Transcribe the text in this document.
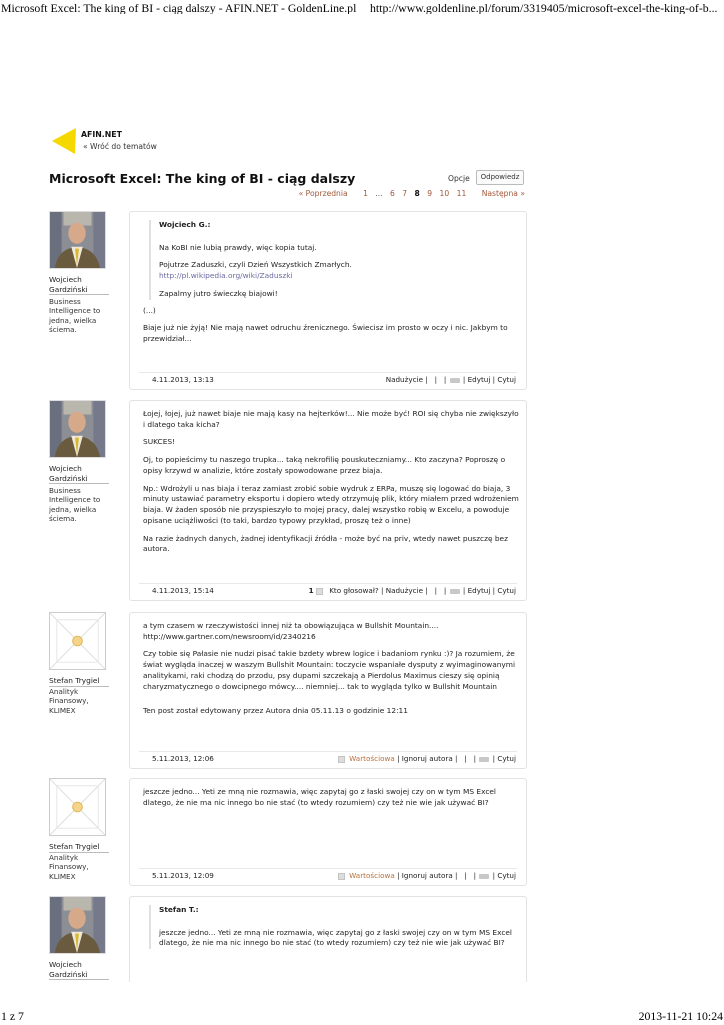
Microsoft Excel: The king of BI - ciąg dalszy - AFIN.NET - GoldenLine.pl http://www.goldenline.pl/forum/3319405/microsoft-excel-the-king-of-b...
AFIN.NET
« Wróć do tematów
Microsoft Excel: The king of BI - ciąg dalszy	Opcje	Odpowiedz
« Poprzednia 1 ... 6 7 8 9 10 11 Następna »
Wojciech Gardziński
Business Intelligence to jedna, wielka ściema.

Wojciech G.:

Na KoBI nie lubią prawdy, więc kopia tutaj.

Pojutrze Zaduszki, czyli Dzień Wszystkich Zmarłych.

http://pl.wikipedia.org/wiki/Zaduszki

Zapalmy jutro świeczkę biajowi!

(...)

Biaje już nie żyją! Nie mają nawet odruchu źrenicznego. Świecisz im prosto w oczy i nic. Jakbym to przewidział...

4.11.2013, 13:13	Nadużycie | | | | Edytuj | Cytuj
Wojciech Gardziński
Business Intelligence to jedna, wielka ściema.

Łojej, łojej, już nawet biaje nie mają kasy na hejterków!... Nie może być! ROI się chyba nie zwiększyło i dlatego taka kicha?

SUKCES!

Oj, to popieścimy tu naszego trupka... taką nekrofilię pouskuteczniamy... Kto zaczyna? Poproszę o opisy krzywd w analizie, które zostały spowodowane przez biaja.

Np.: Wdrożyli u nas biaja i teraz zamiast zrobić sobie wydruk z ERPa, muszę się logować do biaja, 3 minuty ustawiać parametry eksportu i dopiero wtedy otrzymuję plik, który miałem przed wdrożeniem biaja. W żaden sposób nie przyspieszyło to mojej pracy, dalej wszystko robię w Excelu, a powoduje opisane uciążliwości (to taki, bardzo typowy przykład, proszę też o inne)

Na razie żadnych danych, żadnej identyfikacji źródła - może być na priv, wtedy nawet puszczę bez autora.

4.11.2013, 15:14	1 Kto głosował? | Nadużycie | | | | Edytuj | Cytuj
Stefan Trygiel
Analityk Finansowy, KLIMEX

a tym czasem w rzeczywistości innej niż ta obowiązująca w Bullshit Mountain.... http://www.gartner.com/newsroom/id/2340216

Czy tobie się Pałasie nie nudzi pisać takie bzdety wbrew logice i badaniom rynku :)? Ja rozumiem, że świat wygląda inaczej w waszym Bullshit Mountain: toczycie wspaniałe dysputy z wyimaginowanymi analitykami, raki chodzą do przodu, psy dupami szczekają a Pierdolus Maximus cieszy się opinią charyzmatycznego o dowcipnego mówcy.... niemniej... tak to wygląda tylko w Bullshit Mountain

Ten post został edytowany przez Autora dnia 05.11.13 o godzinie 12:11

5.11.2013, 12:06	Wartościowa | Ignoruj autora | | | | Cytuj
Stefan Trygiel
Analityk Finansowy, KLIMEX

jeszcze jedno... Yeti ze mną nie rozmawia, więc zapytaj go z łaski swojej czy on w tym MS Excel dlatego, że nie ma nic innego bo nie stać (to wtedy rozumiem) czy też nie wie jak używać BI?

5.11.2013, 12:09	Wartościowa | Ignoruj autora | | | | Cytuj
Wojciech Gardziński

Stefan T.:

jeszcze jedno... Yeti ze mną nie rozmawia, więc zapytaj go z łaski swojej czy on w tym MS Excel dlatego, że nie ma nic innego bo nie stać (to wtedy rozumiem) czy też nie wie jak używać BI?

1 z 7	2013-11-21 10:24
